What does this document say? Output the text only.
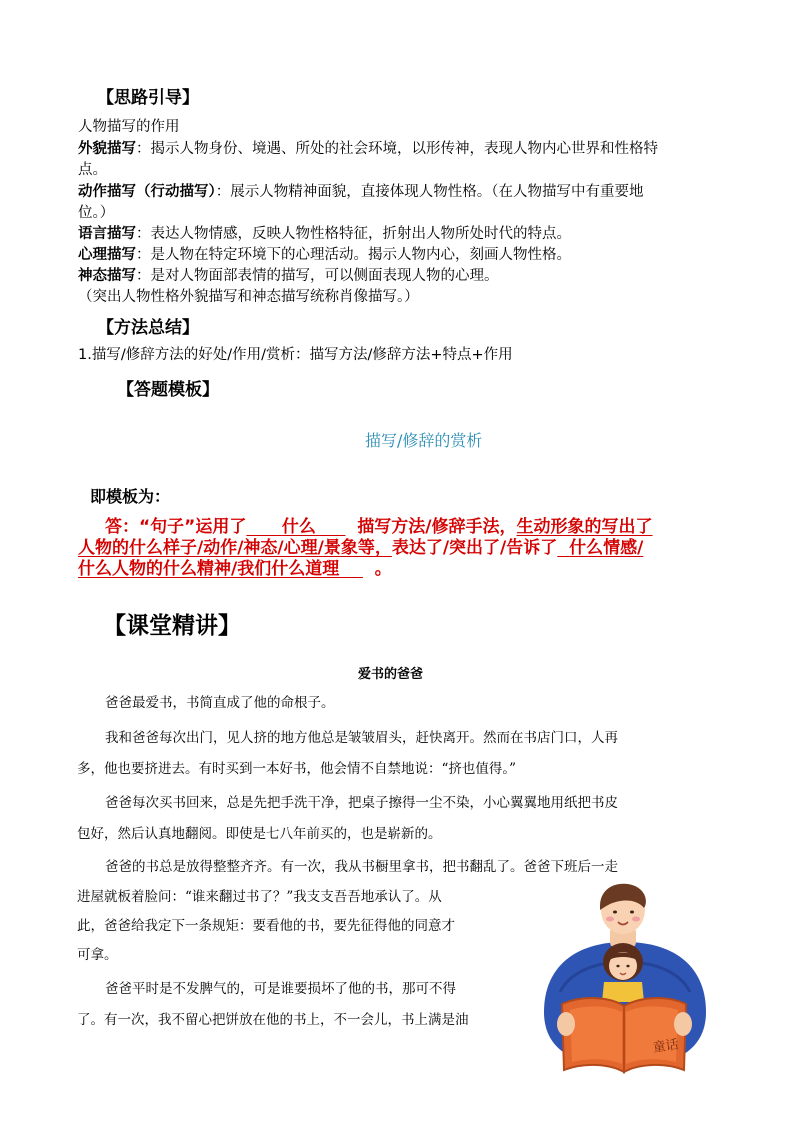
【思路引导】
人物描写的作用
外貌描写：揭示人物身份、境遇、所处的社会环境，以形传神，表现人物内心世界和性格特
点。
动作描写（行动描写）：展示人物精神面貌，直接体现人物性格。（在人物描写中有重要地
位。）
语言描写：表达人物情感，反映人物性格特征，折射出人物所处时代的特点。
心理描写：是人物在特定环境下的心理活动。揭示人物内心，刻画人物性格。
神态描写：是对人物面部表情的描写，可以侧面表现人物的心理。
（突出人物性格外貌描写和神态描写统称肖像描写。）
【方法总结】
1.描写/修辞方法的好处/作用/赏析：描写方法/修辞方法+特点+作用
【答题模板】
描写/修辞的赏析
即模板为：
答：“句子”运用了 什么 描写方法/修辞手法，生动形象的写出了
人物的什么样子/动作/神态/心理/景象等，表达了/突出了/告诉了 什么情感/
什么人物的什么精神/我们什么道理 。
【课堂精讲】
爱书的爸爸
爸爸最爱书，书简直成了他的命根子。
我和爸爸每次出门，见人挤的地方他总是皱皱眉头，赶快离开。然而在书店门口，人再
多，他也要挤进去。有时买到一本好书，他会情不自禁地说：“挤也值得。”
爸爸每次买书回来，总是先把手洗干净，把桌子擦得一尘不染，小心翼翼地用纸把书皮
包好，然后认真地翻阅。即使是七八年前买的，也是崭新的。
爸爸的书总是放得整整齐齐。有一次，我从书橱里拿书，把书翻乱了。爸爸下班后一走
进屋就板着脸问：“谁来翻过书了？”我支支吾吾地承认了。从
此，爸爸给我定下一条规矩：要看他的书，要先征得他的同意才
可拿。
爸爸平时是不发脾气的，可是谁要损坏了他的书，那可不得
了。有一次，我不留心把饼放在他的书上，不一会儿，书上满是油
童话
